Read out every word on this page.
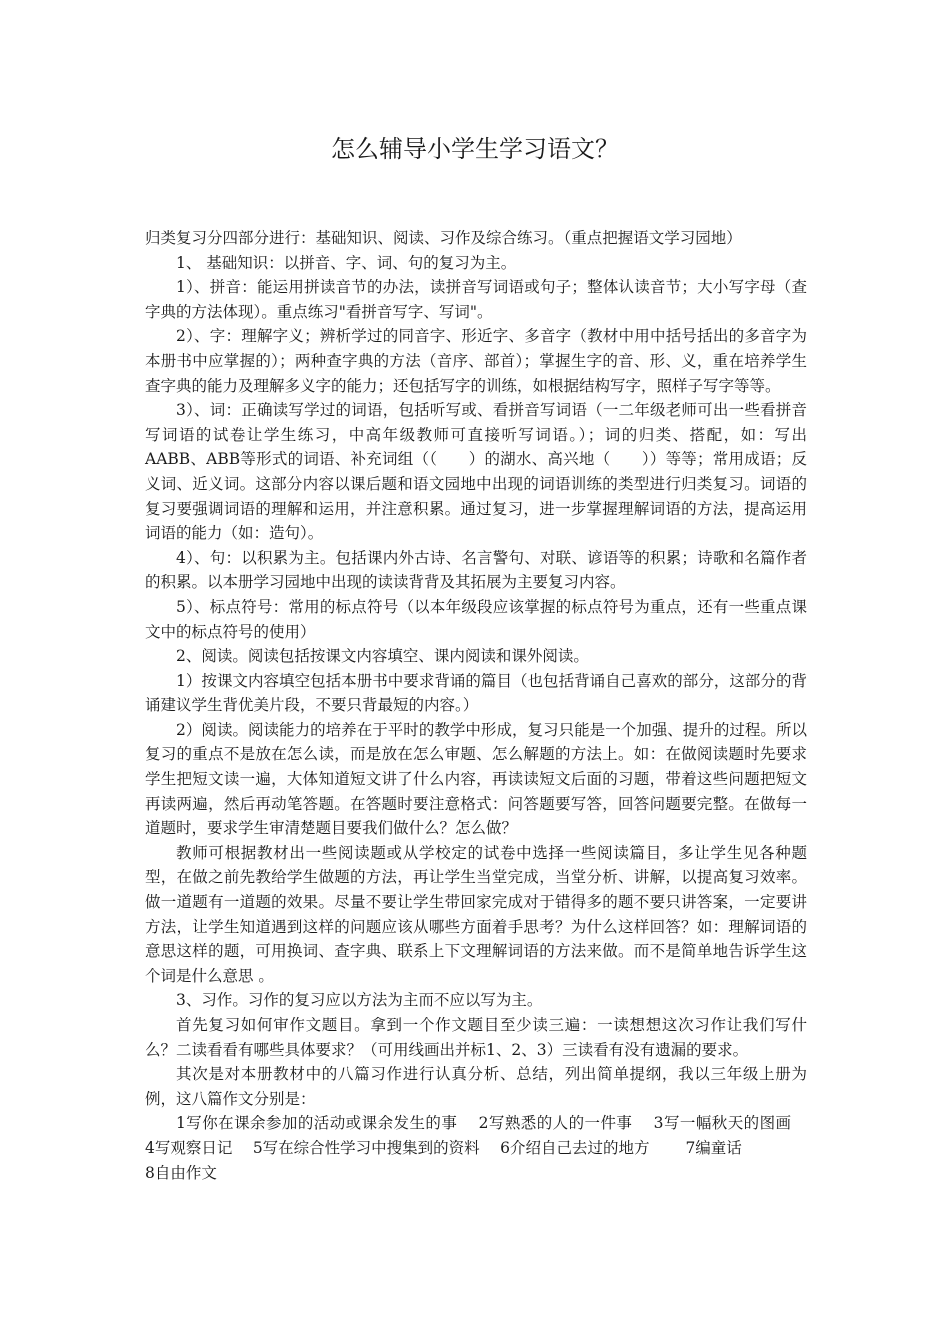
怎么辅导小学生学习语文？

归类复习分四部分进行：基础知识、阅读、习作及综合练习。（重点把握语文学习园地）

1、 基础知识：以拼音、字、词、句的复习为主。

1）、拼音：能运用拼读音节的办法，读拼音写词语或句子；整体认读音节；大小写字母（查字典的方法体现）。重点练习"看拼音写字、写词"。

2）、字：理解字义；辨析学过的同音字、形近字、多音字（教材中用中括号括出的多音字为本册书中应掌握的）；两种查字典的方法（音序、部首）；掌握生字的音、形、义，重在培养学生查字典的能力及理解多义字的能力；还包括写字的训练，如根据结构写字，照样子写字等等。

3）、词：正确读写学过的词语，包括听写或、看拼音写词语（一二年级老师可出一些看拼音写词语的试卷让学生练习，中高年级教师可直接听写词语。）；词的归类、搭配，如：写出AABB、ABB等形式的词语、补充词组（（　　）的湖水、高兴地（　　））等等；常用成语；反义词、近义词。这部分内容以课后题和语文园地中出现的词语训练的类型进行归类复习。词语的复习要强调词语的理解和运用，并注意积累。通过复习，进一步掌握理解词语的方法，提高运用词语的能力（如：造句）。

4）、句：以积累为主。包括课内外古诗、名言警句、对联、谚语等的积累；诗歌和名篇作者的积累。以本册学习园地中出现的读读背背及其拓展为主要复习内容。

5）、标点符号：常用的标点符号（以本年级段应该掌握的标点符号为重点，还有一些重点课文中的标点符号的使用）

2、阅读。阅读包括按课文内容填空、课内阅读和课外阅读。

1）按课文内容填空包括本册书中要求背诵的篇目（也包括背诵自己喜欢的部分，这部分的背诵建议学生背优美片段，不要只背最短的内容。）

2）阅读。阅读能力的培养在于平时的教学中形成，复习只能是一个加强、提升的过程。所以复习的重点不是放在怎么读，而是放在怎么审题、怎么解题的方法上。如：在做阅读题时先要求学生把短文读一遍，大体知道短文讲了什么内容，再读读短文后面的习题，带着这些问题把短文再读两遍，然后再动笔答题。在答题时要注意格式：问答题要写答，回答问题要完整。在做每一道题时，要求学生审清楚题目要我们做什么？怎么做？

教师可根据教材出一些阅读题或从学校定的试卷中选择一些阅读篇目，多让学生见各种题型，在做之前先教给学生做题的方法，再让学生当堂完成，当堂分析、讲解，以提高复习效率。做一道题有一道题的效果。尽量不要让学生带回家完成对于错得多的题不要只讲答案，一定要讲方法，让学生知道遇到这样的问题应该从哪些方面着手思考？为什么这样回答？如：理解词语的意思这样的题，可用换词、查字典、联系上下文理解词语的方法来做。而不是简单地告诉学生这个词是什么意思 。

3、习作。习作的复习应以方法为主而不应以写为主。

首先复习如何审作文题目。拿到一个作文题目至少读三遍：一读想想这次习作让我们写什么？二读看看有哪些具体要求？（可用线画出并标1、2、3）三读看有没有遗漏的要求。

其次是对本册教材中的八篇习作进行认真分析、总结，列出简单提纲，我以三年级上册为例，这八篇作文分别是：

1写你在课余参加的活动或课余发生的事　 2写熟悉的人的一件事　 3写一幅秋天的图画　 4写观察日记　 5写在综合性学习中搜集到的资料　 6介绍自己去过的地方　　 7编童话　　　　　　 8自由作文
